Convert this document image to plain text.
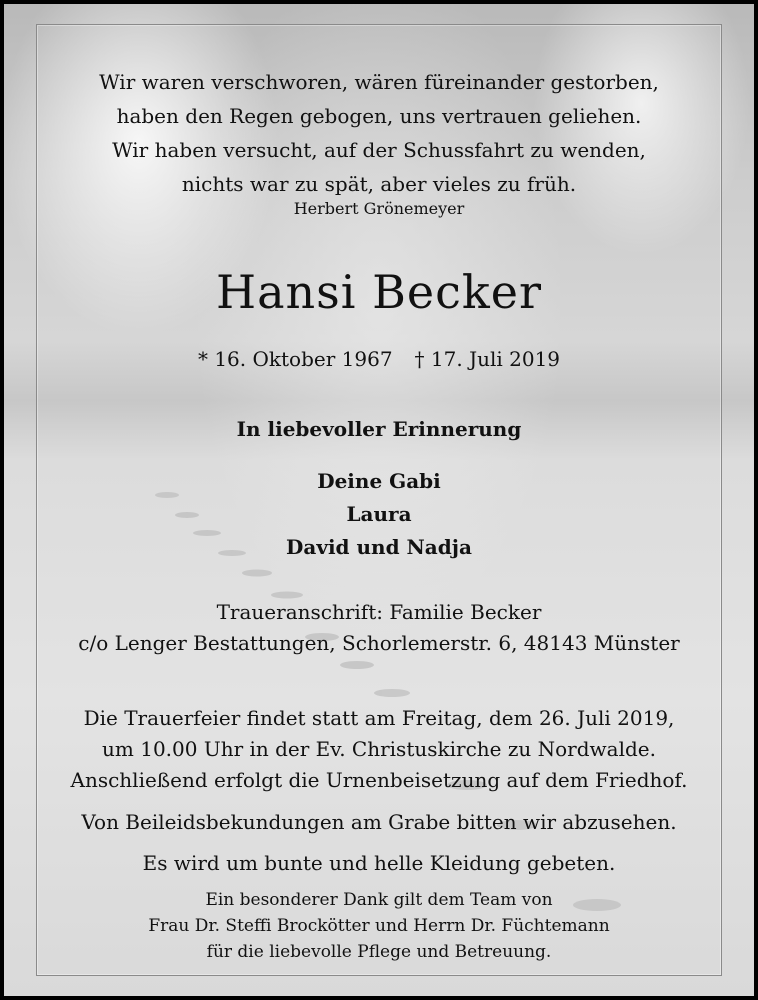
Wir waren verschworen, wären füreinander gestorben,
haben den Regen gebogen, uns vertrauen geliehen.
Wir haben versucht, auf der Schussfahrt zu wenden,
nichts war zu spät, aber vieles zu früh.
Herbert Grönemeyer
Hansi Becker
* 16. Oktober 1967 † 17. Juli 2019
In liebevoller Erinnerung
Deine Gabi
Laura
David und Nadja
Traueranschrift: Familie Becker
c/o Lenger Bestattungen, Schorlemerstr. 6, 48143 Münster
Die Trauerfeier findet statt am Freitag, dem 26. Juli 2019,
um 10.00 Uhr in der Ev. Christuskirche zu Nordwalde.
Anschließend erfolgt die Urnenbeisetzung auf dem Friedhof.
Von Beileidsbekundungen am Grabe bitten wir abzusehen.
Es wird um bunte und helle Kleidung gebeten.
Ein besonderer Dank gilt dem Team von
Frau Dr. Steffi Brockötter und Herrn Dr. Füchtemann
für die liebevolle Pflege und Betreuung.
